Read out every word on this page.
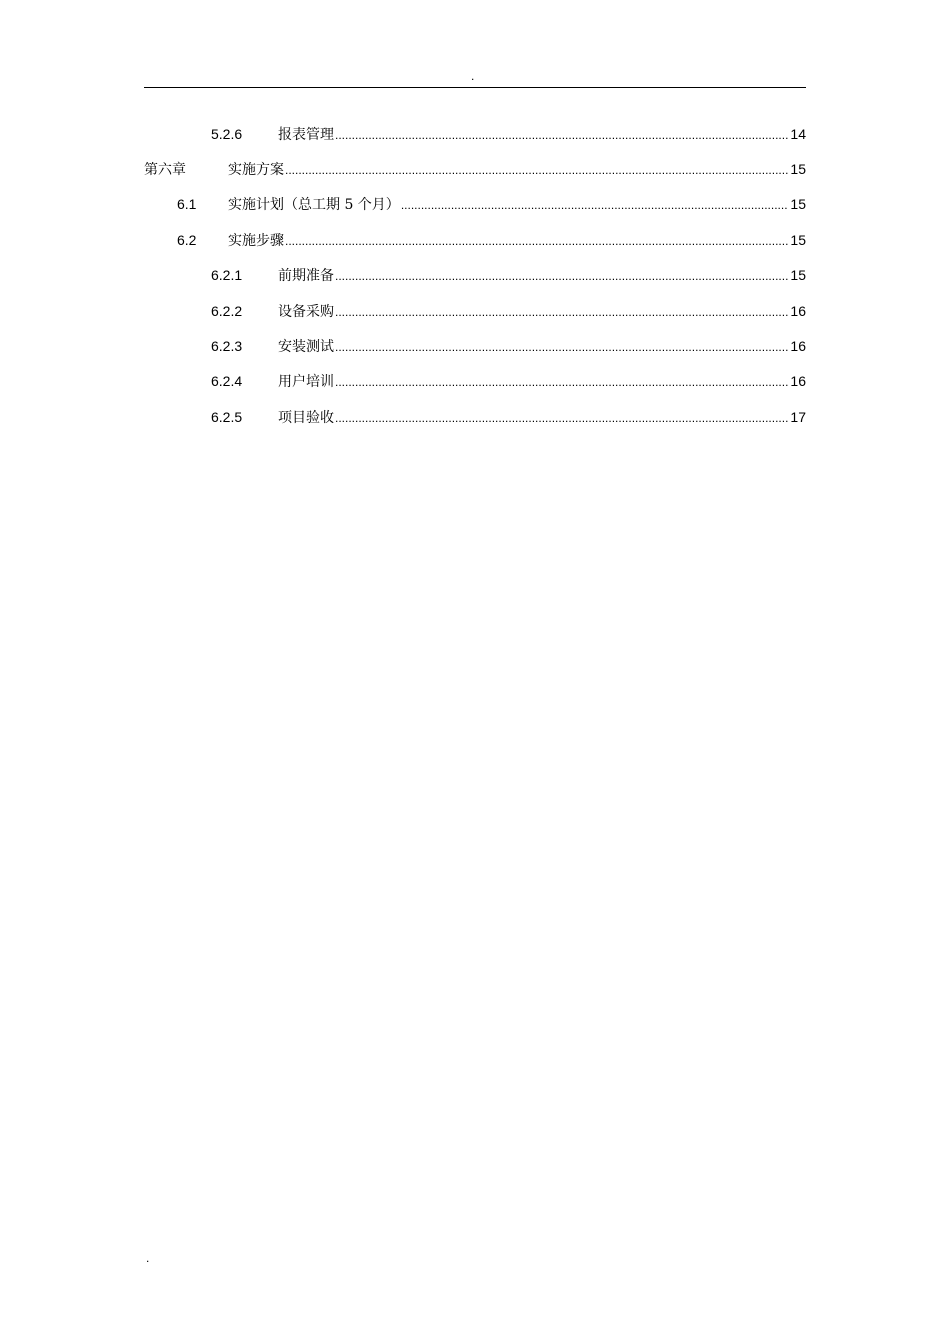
.
5.2.6	报表管理 .....	14
第六章	实施方案 .....	15
6.1 实施计划（总工期 5 个月） .....	15
6.2 实施步骤 .....	15
6.2.1	前期准备 .....	15
6.2.2	设备采购 .....	16
6.2.3	安装测试 .....	16
6.2.4	用户培训 .....	16
6.2.5	项目验收 .....	17
.
